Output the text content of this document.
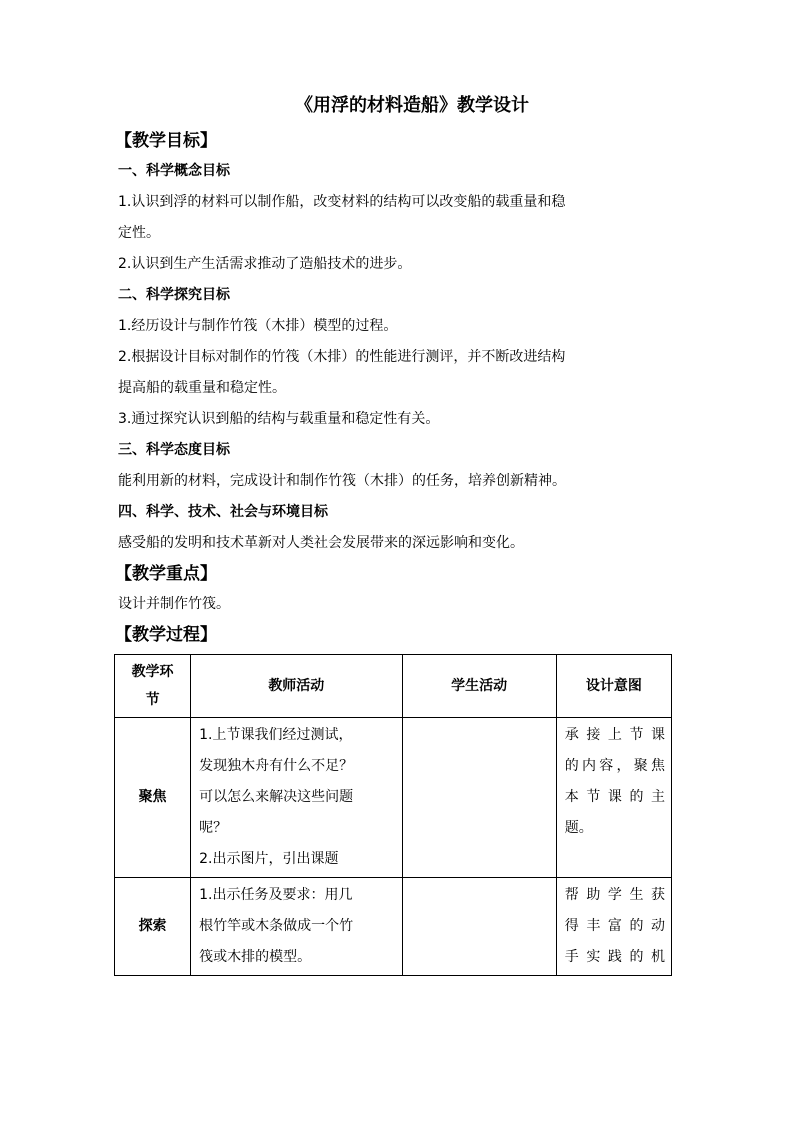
《用浮的材料造船》教学设计
【教学目标】
一、科学概念目标
1.认识到浮的材料可以制作船，改变材料的结构可以改变船的载重量和稳
定性。
2.认识到生产生活需求推动了造船技术的进步。
二、科学探究目标
1.经历设计与制作竹筏（木排）模型的过程。
2.根据设计目标对制作的竹筏（木排）的性能进行测评，并不断改进结构
提高船的载重量和稳定性。
3.通过探究认识到船的结构与载重量和稳定性有关。
三、科学态度目标
能利用新的材料，完成设计和制作竹筏（木排）的任务，培养创新精神。
四、科学、技术、社会与环境目标
感受船的发明和技术革新对人类社会发展带来的深远影响和变化。
【教学重点】
设计并制作竹筏。
【教学过程】
教学环
节	教师活动	学生活动	设计意图
聚焦	1.上节课我们经过测试，
发现独木舟有什么不足？
可以怎么来解决这些问题
呢？
2.出示图片，引出课题		承接上节课
的内容，聚焦
本节课的主
题。

探索	1.出示任务及要求：用几
根竹竿或木条做成一个竹
筏或木排的模型。		帮助学生获
得丰富的动
手实践的机
